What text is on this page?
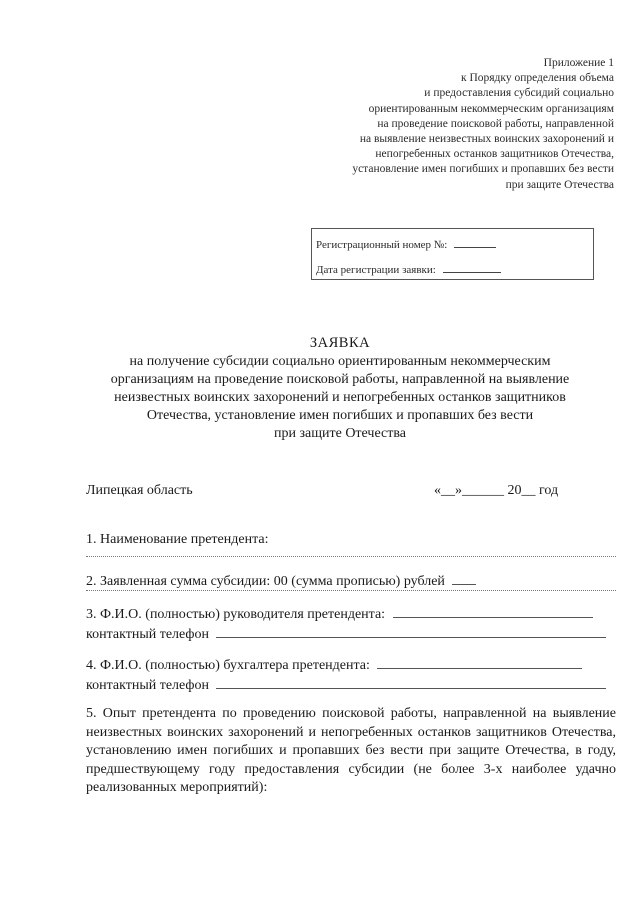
Приложение 1
к Порядку определения объема
и предоставления субсидий социально
ориентированным некоммерческим организациям
на проведение поисковой работы, направленной
на выявление неизвестных воинских захоронений и
непогребенных останков защитников Отечества,
установление имен погибших и пропавших без вести
при защите Отечества
Регистрационный номер №:
Дата регистрации заявки:
ЗАЯВКА
на получение субсидии социально ориентированным некоммерческим
организациям на проведение поисковой работы, направленной на выявление
неизвестных воинских захоронений и непогребенных останков защитников
Отечества, установление имен погибших и пропавших без вести
при защите Отечества
Липецкая область	«__»______ 20__ год
1. Наименование претендента:
2. Заявленная сумма субсидии: 00 (сумма прописью) рублей
3. Ф.И.О. (полностью) руководителя претендента:
контактный телефон
4. Ф.И.О. (полностью) бухгалтера претендента:
контактный телефон
5. Опыт претендента по проведению поисковой работы, направленной на выявление неизвестных воинских захоронений и непогребенных останков защитников Отечества, установлению имен погибших и пропавших без вести при защите Отечества, в году, предшествующему году предоставления субсидии (не более 3-х наиболее удачно реализованных мероприятий):
